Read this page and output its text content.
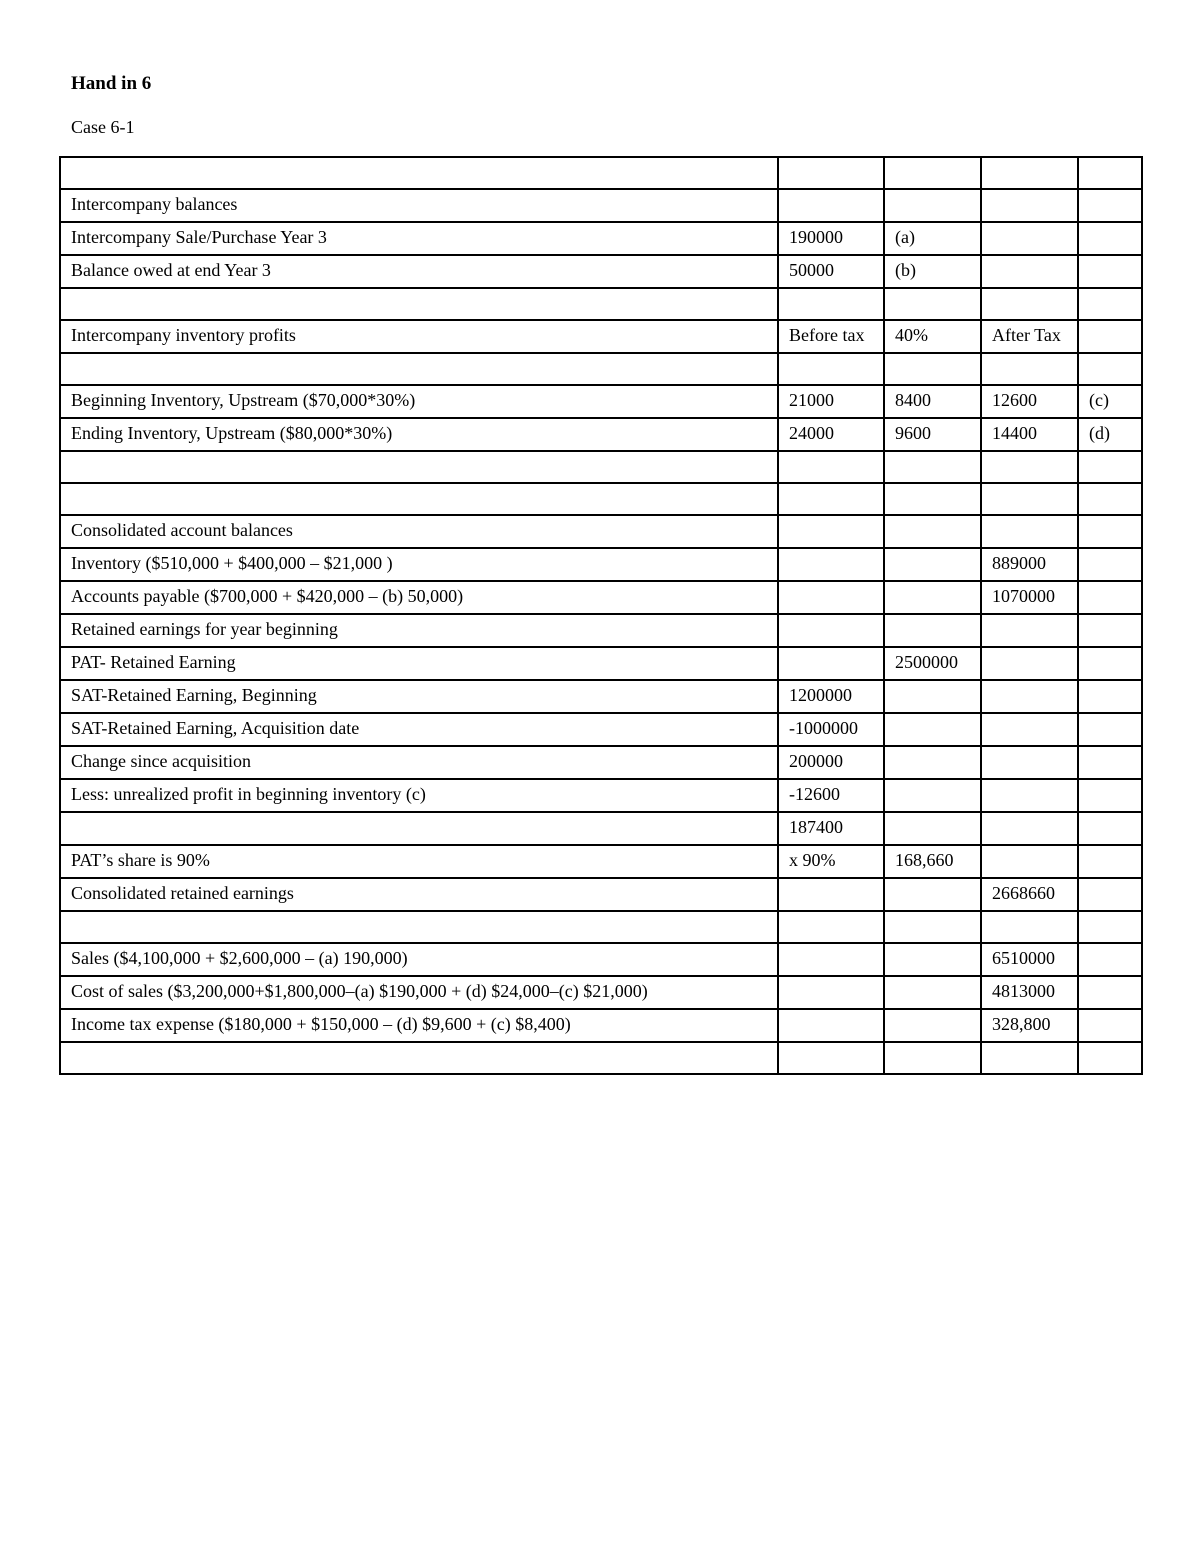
Hand in 6
Case 6-1

Intercompany balances				
Intercompany Sale/Purchase Year 3	190000	(a)		
Balance owed at end Year 3	50000	(b)		

Intercompany inventory profits	Before tax	40%	After Tax	

Beginning Inventory, Upstream ($70,000*30%)	21000	8400	12600	(c)
Ending Inventory, Upstream ($80,000*30%)	24000	9600	14400	(d)

Consolidated account balances				
Inventory ($510,000 + $400,000 – $21,000 )			889000	
Accounts payable ($700,000 + $420,000 – (b) 50,000)			1070000	
Retained earnings for year beginning				
PAT- Retained Earning		2500000		
SAT-Retained Earning, Beginning	1200000			
SAT-Retained Earning, Acquisition date	-1000000			
Change since acquisition	200000			
Less: unrealized profit in beginning inventory (c)	-12600			
	187400			
PAT’s share is 90%	x 90%	168,660		
Consolidated retained earnings			2668660	

Sales ($4,100,000 + $2,600,000 – (a) 190,000)			6510000	
Cost of sales ($3,200,000+$1,800,000–(a) $190,000 + (d) $24,000–(c) $21,000)			4813000	
Income tax expense ($180,000 + $150,000 – (d) $9,600 + (c) $8,400)			328,800	
